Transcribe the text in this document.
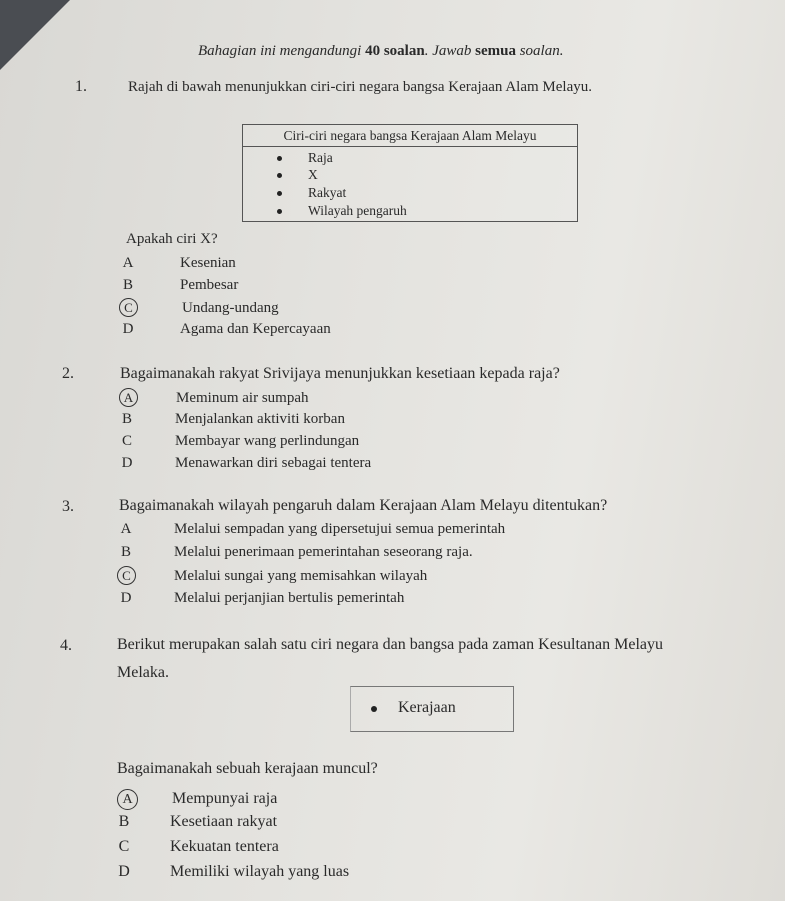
Bahagian ini mengandungi 40 soalan. Jawab semua soalan.
1.	Rajah di bawah menunjukkan ciri-ciri negara bangsa Kerajaan Alam Melayu.
Ciri-ciri negara bangsa Kerajaan Alam Melayu
Raja
X
Rakyat
Wilayah pengaruh
Apakah ciri X?
A	Kesenian
B	Pembesar
C	Undang-undang
D	Agama dan Kepercayaan
2.	Bagaimanakah rakyat Srivijaya menunjukkan kesetiaan kepada raja?
A	Meminum air sumpah
B	Menjalankan aktiviti korban
C	Membayar wang perlindungan
D	Menawarkan diri sebagai tentera
3.	Bagaimanakah wilayah pengaruh dalam Kerajaan Alam Melayu ditentukan?
A	Melalui sempadan yang dipersetujui semua pemerintah
B	Melalui penerimaan pemerintahan seseorang raja.
C	Melalui sungai yang memisahkan wilayah
D	Melalui perjanjian bertulis pemerintah
4.	Berikut merupakan salah satu ciri negara dan bangsa pada zaman Kesultanan Melayu
Melaka.
Kerajaan
Bagaimanakah sebuah kerajaan muncul?
A Mempunyai raja
B	Kesetiaan rakyat
C	Kekuatan tentera
D	Memiliki wilayah yang luas
